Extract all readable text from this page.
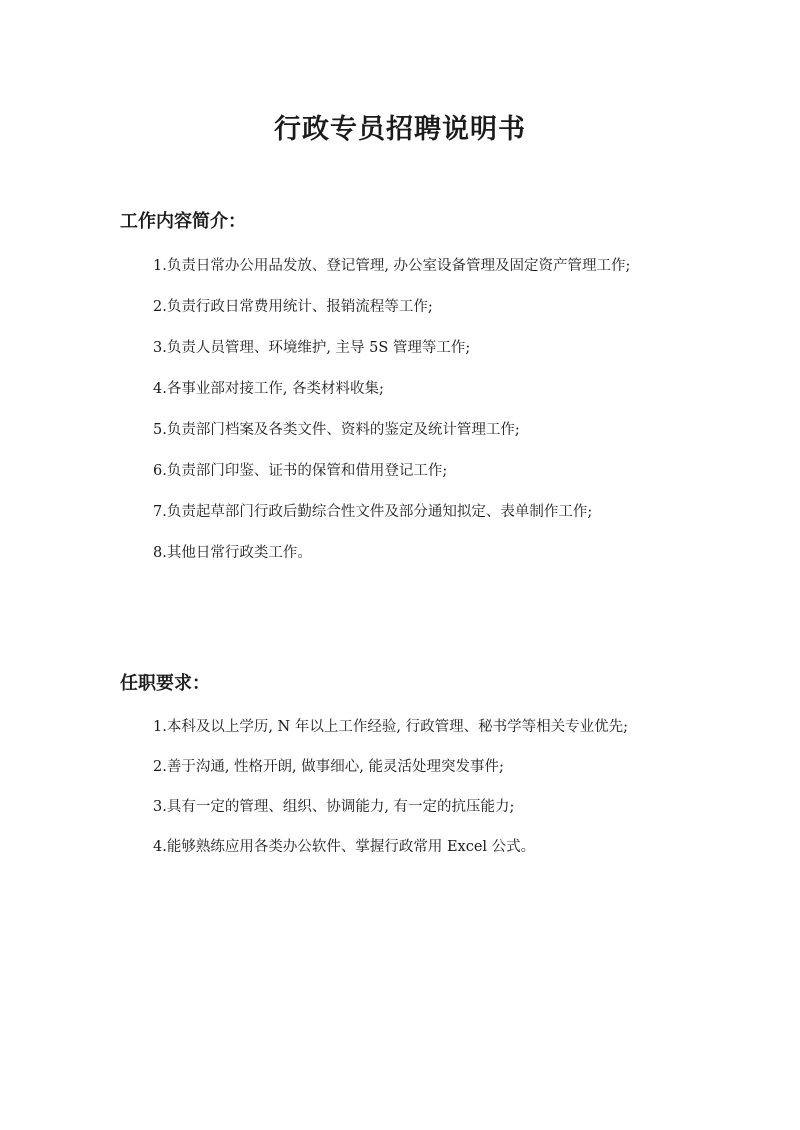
行政专员招聘说明书
工作内容简介：
1.负责日常办公用品发放、登记管理, 办公室设备管理及固定资产管理工作;
2.负责行政日常费用统计、报销流程等工作;
3.负责人员管理、环境维护, 主导 5S 管理等工作;
4.各事业部对接工作, 各类材料收集;
5.负责部门档案及各类文件、资料的鉴定及统计管理工作;
6.负责部门印鉴、证书的保管和借用登记工作;
7.负责起草部门行政后勤综合性文件及部分通知拟定、表单制作工作;
8.其他日常行政类工作。
任职要求：
1.本科及以上学历, N 年以上工作经验, 行政管理、秘书学等相关专业优先;
2.善于沟通, 性格开朗, 做事细心, 能灵活处理突发事件;
3.具有一定的管理、组织、协调能力, 有一定的抗压能力;
4.能够熟练应用各类办公软件、掌握行政常用 Excel 公式。
